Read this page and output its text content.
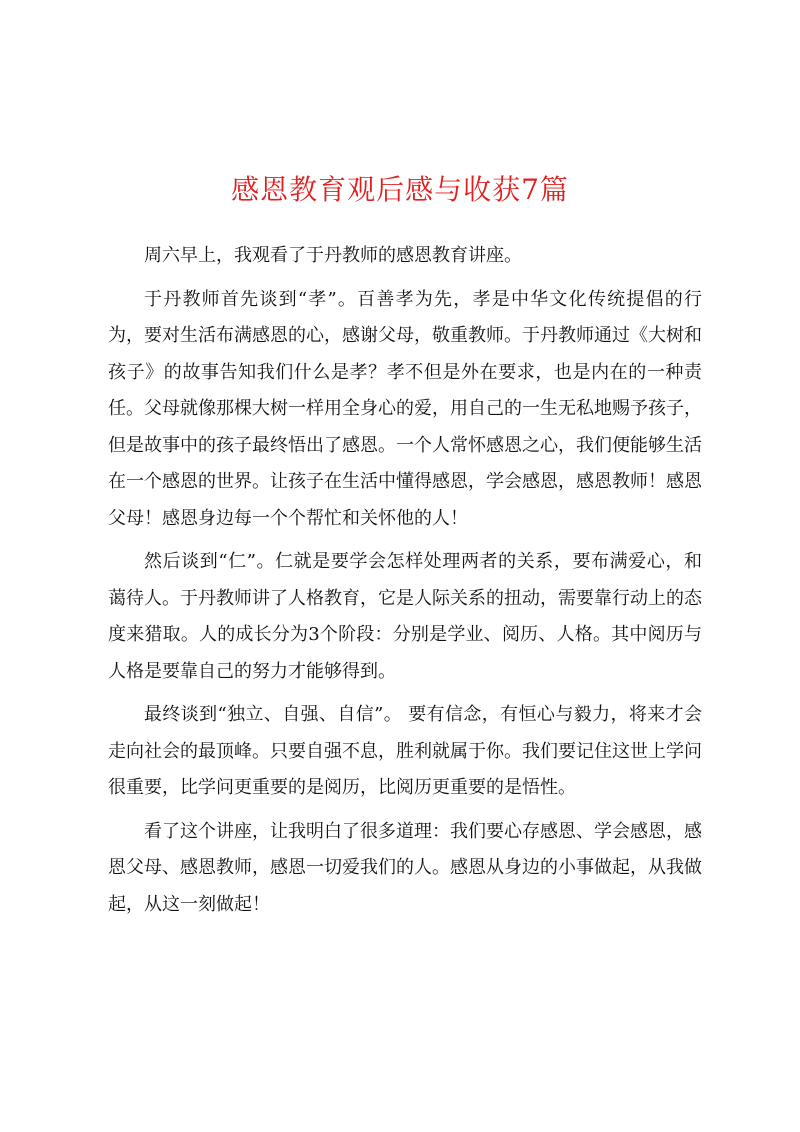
感恩教育观后感与收获7篇

周六早上，我观看了于丹教师的感恩教育讲座。

于丹教师首先谈到“孝”。百善孝为先，孝是中华文化传统提倡的行为，要对生活布满感恩的心，感谢父母，敬重教师。于丹教师通过《大树和孩子》的故事告知我们什么是孝？孝不但是外在要求，也是内在的一种责任。父母就像那棵大树一样用全身心的爱，用自己的一生无私地赐予孩子，但是故事中的孩子最终悟出了感恩。一个人常怀感恩之心，我们便能够生活在一个感恩的世界。让孩子在生活中懂得感恩，学会感恩，感恩教师！感恩父母！感恩身边每一个个帮忙和关怀他的人！

然后谈到“仁”。仁就是要学会怎样处理两者的关系，要布满爱心，和蔼待人。于丹教师讲了人格教育，它是人际关系的扭动，需要靠行动上的态度来猎取。人的成长分为3个阶段：分别是学业、阅历、人格。其中阅历与人格是要靠自己的努力才能够得到。

最终谈到“独立、自强、自信”。 要有信念，有恒心与毅力，将来才会走向社会的最顶峰。只要自强不息，胜利就属于你。我们要记住这世上学问很重要，比学问更重要的是阅历，比阅历更重要的是悟性。

看了这个讲座，让我明白了很多道理：我们要心存感恩、学会感恩，感恩父母、感恩教师，感恩一切爱我们的人。感恩从身边的小事做起，从我做起，从这一刻做起！
